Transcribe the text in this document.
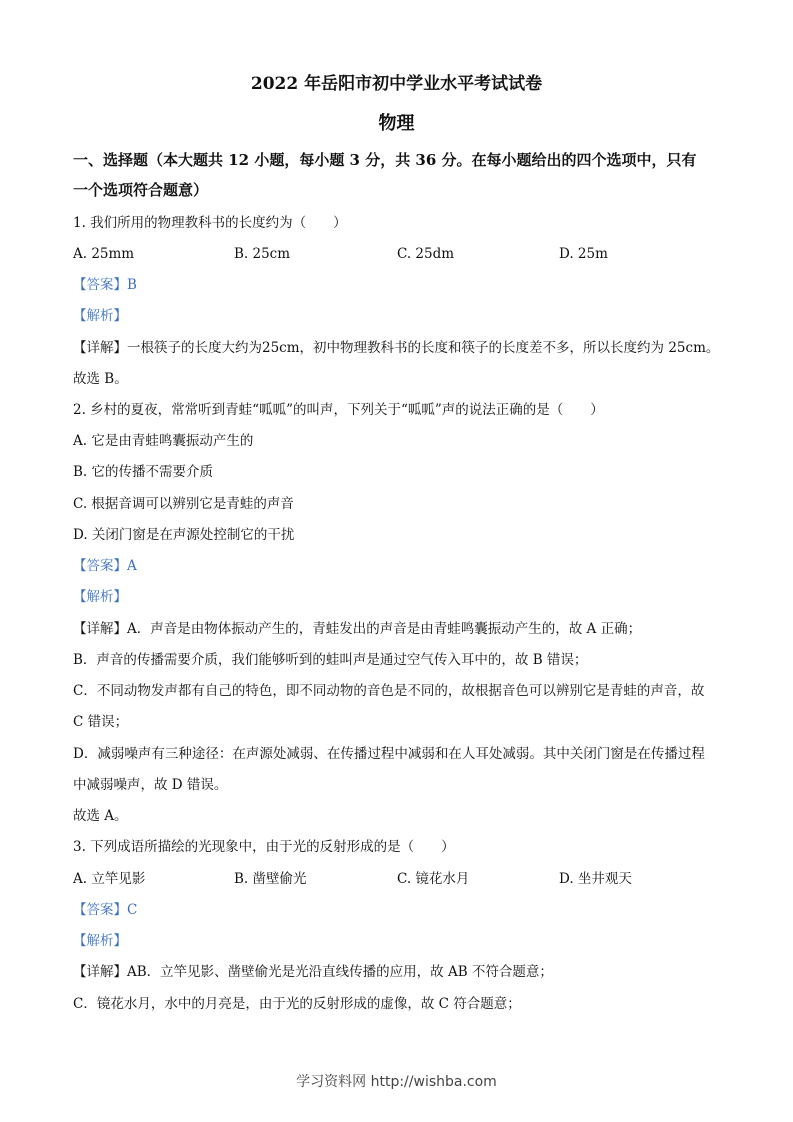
2022 年岳阳市初中学业水平考试试卷
物理
一、选择题（本大题共 12 小题，每小题 3 分，共 36 分。在每小题给出的四个选项中，只有
一个选项符合题意）
1. 我们所用的物理教科书的长度约为（　　）
A. 25mm	B. 25cm	C. 25dm	D. 25m
【答案】B
【解析】
【详解】一根筷子的长度大约为25cm，初中物理教科书的长度和筷子的长度差不多，所以长度约为 25cm。
故选 B。
2. 乡村的夏夜，常常听到青蛙“呱呱”的叫声，下列关于“呱呱”声的说法正确的是（　　）
A. 它是由青蛙鸣囊振动产生的
B. 它的传播不需要介质
C. 根据音调可以辨别它是青蛙的声音
D. 关闭门窗是在声源处控制它的干扰
【答案】A
【解析】
【详解】A．声音是由物体振动产生的，青蛙发出的声音是由青蛙鸣囊振动产生的，故 A 正确；
B．声音的传播需要介质，我们能够听到的蛙叫声是通过空气传入耳中的，故 B 错误；
C．不同动物发声都有自己的特色，即不同动物的音色是不同的，故根据音色可以辨别它是青蛙的声音，故
C 错误；
D．减弱噪声有三种途径：在声源处减弱、在传播过程中减弱和在人耳处减弱。其中关闭门窗是在传播过程
中减弱噪声，故 D 错误。
故选 A。
3. 下列成语所描绘的光现象中，由于光的反射形成的是（　　）
A. 立竿见影	B. 凿壁偷光	C. 镜花水月	D. 坐井观天
【答案】C
【解析】
【详解】AB．立竿见影、凿壁偷光是光沿直线传播的应用，故 AB 不符合题意；
C．镜花水月，水中的月亮是，由于光的反射形成的虚像，故 C 符合题意；
学习资料网 http://wishba.com
